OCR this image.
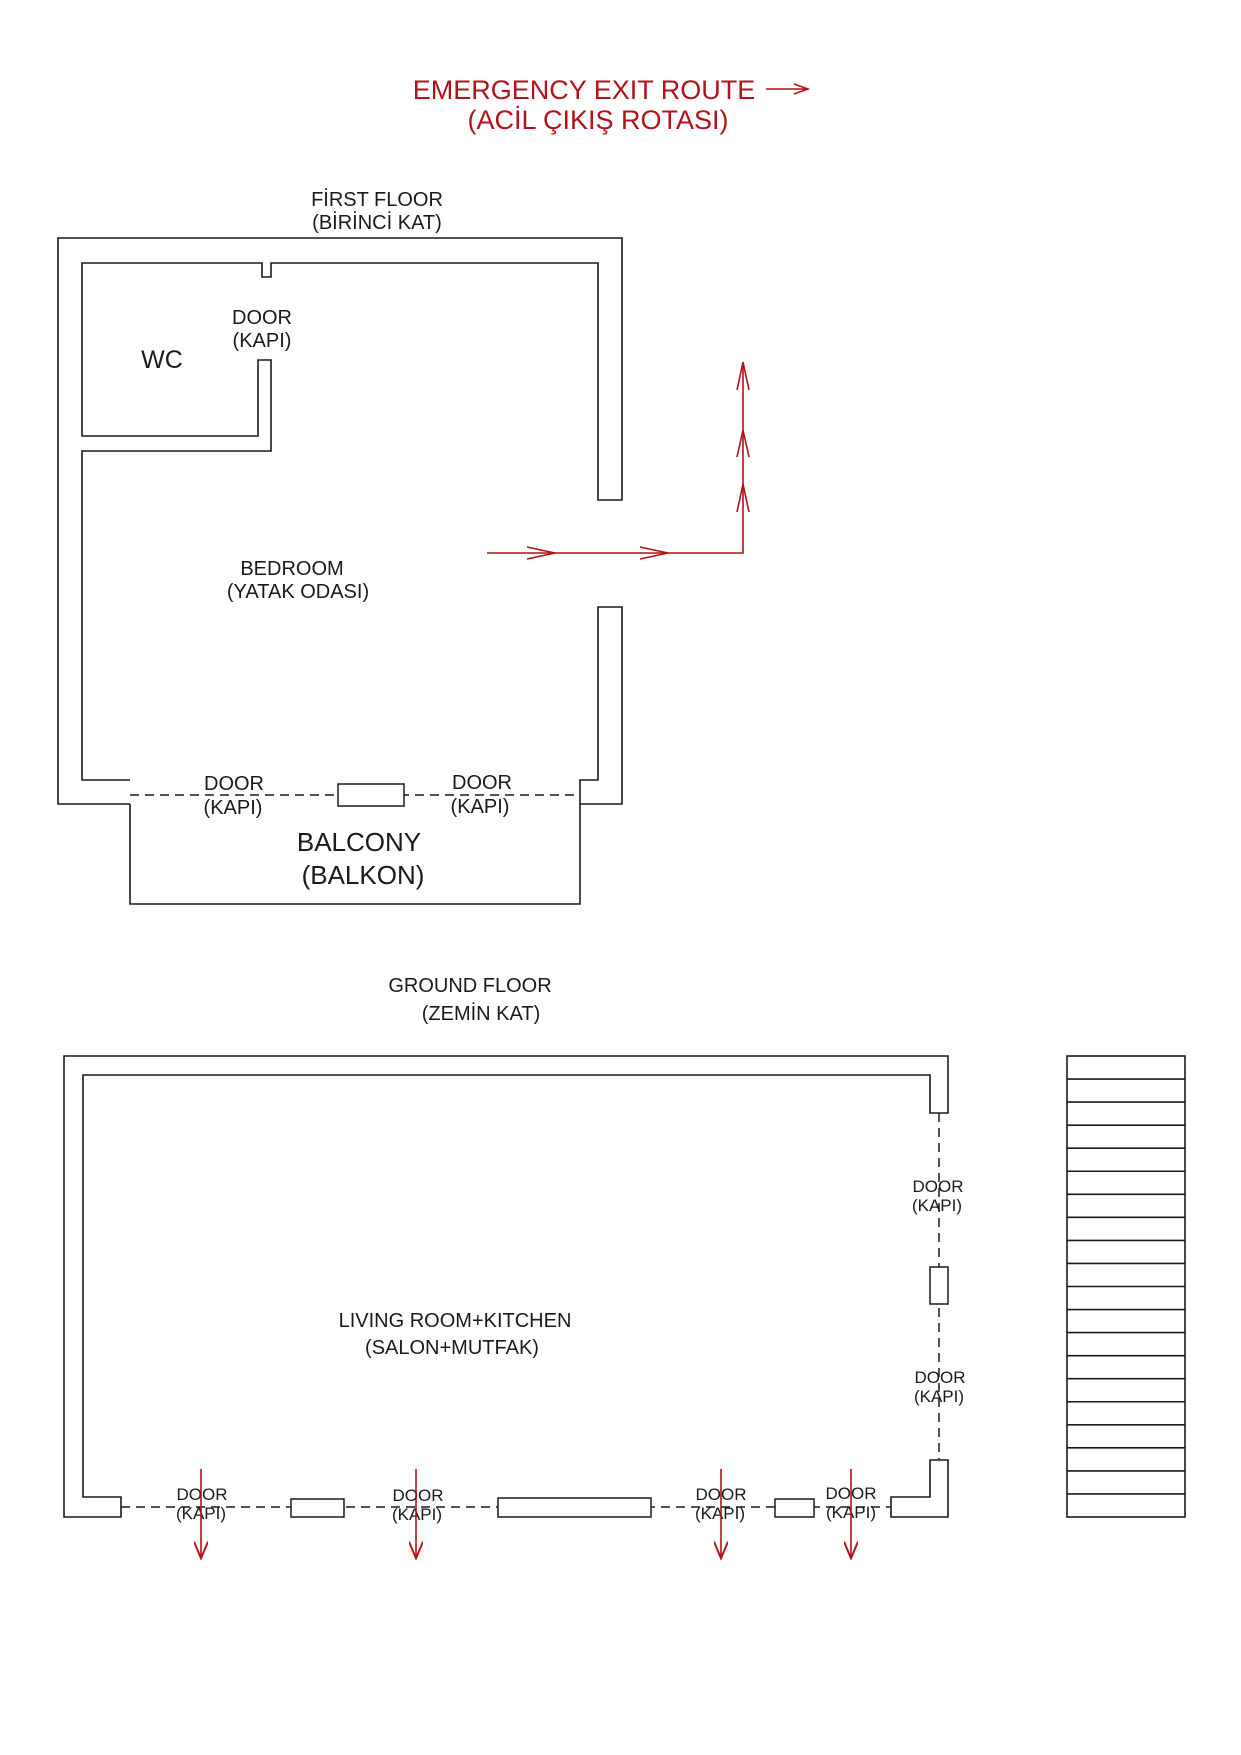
EMERGENCY EXIT ROUTE
(ACİL ÇIKIŞ ROTASI)
FİRST FLOOR
(BİRİNCİ KAT)
WC
DOOR
(KAPI)
BEDROOM
(YATAK ODASI)
DOOR
(KAPI)
DOOR
(KAPI)
BALCONY
(BALKON)
GROUND FLOOR
(ZEMİN KAT)
DOOR
(KAPI)
DOOR
(KAPI)
LIVING ROOM+KITCHEN
(SALON+MUTFAK)
DOOR
(KAPI)
DOOR
(KAPI)
DOOR
(KAPI)
DOOR
(KAPI)
